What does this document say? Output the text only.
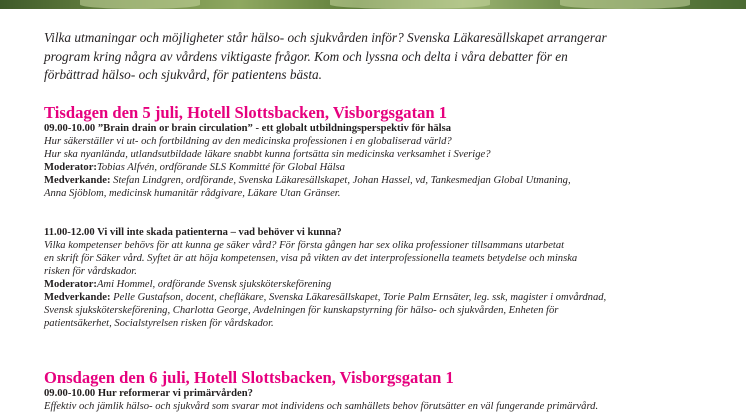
Vilka utmaningar och möjligheter står hälso- och sjukvården inför? Svenska Läkaresällskapet arrangerar
program kring några av vårdens viktigaste frågor. Kom och lyssna och delta i våra debatter för en
förbättrad hälso- och sjukvård, för patientens bästa.

Tisdagen den 5 juli, Hotell Slottsbacken, Visborgsgatan 1

09.00-10.00 ”Brain drain or brain circulation” - ett globalt utbildningsperspektiv för hälsa
Hur säkerställer vi ut- och fortbildning av den medicinska professionen i en globaliserad värld?
Hur ska nyanlända, utlandsutbildade läkare snabbt kunna fortsätta sin medicinska verksamhet i Sverige?
Moderator:Tobias Alfvén, ordförande SLS Kommitté för Global Hälsa
Medverkande: Stefan Lindgren, ordförande, Svenska Läkaresällskapet, Johan Hassel, vd, Tankesmedjan Global Utmaning,
Anna Sjöblom, medicinsk humanitär rådgivare, Läkare Utan Gränser.

11.00-12.00 Vi vill inte skada patienterna – vad behöver vi kunna?
Vilka kompetenser behövs för att kunna ge säker vård? För första gången har sex olika professioner tillsammans utarbetat
en skrift för Säker vård. Syftet är att höja kompetensen, visa på vikten av det interprofessionella teamets betydelse och minska
risken för vårdskador.
Moderator:Ami Hommel, ordförande Svensk sjuksköterskeförening
Medverkande: Pelle Gustafson, docent, chefläkare, Svenska Läkaresällskapet, Torie Palm Ernsäter, leg. ssk, magister i omvårdnad,
Svensk sjuksköterskeförening, Charlotta George, Avdelningen för kunskapstyrning för hälso- och sjukvården, Enheten för
patientsäkerhet, Socialstyrelsen risken för vårdskador.

Onsdagen den 6 juli, Hotell Slottsbacken, Visborgsgatan 1

09.00-10.00 Hur reformerar vi primärvården?
Effektiv och jämlik hälso- och sjukvård som svarar mot individens och samhällets behov förutsätter en väl fungerande primärvård.
